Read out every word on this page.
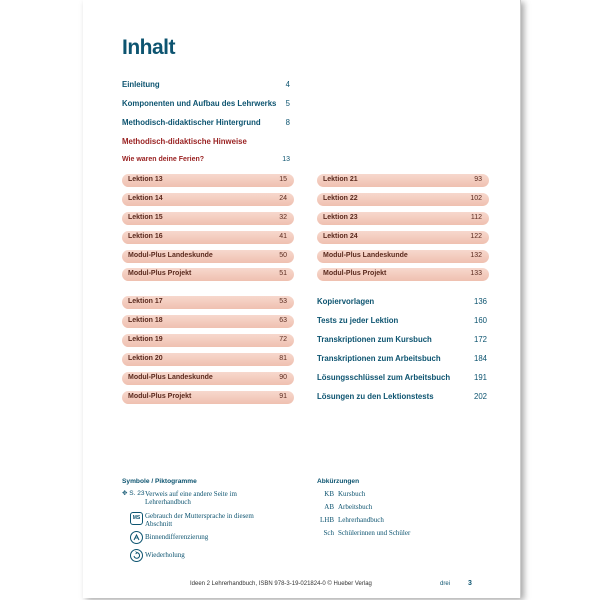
Inhalt
Einleitung	4
Komponenten und Aufbau des Lehrwerks	5
Methodisch-didaktischer Hintergrund	8
Methodisch-didaktische Hinweise
Wie waren deine Ferien?	13
Lektion 13	15
Lektion 14	24
Lektion 15	32
Lektion 16	41
Modul-Plus Landeskunde	50
Modul-Plus Projekt	51
Lektion 21	93
Lektion 22	102
Lektion 23	112
Lektion 24	122
Modul-Plus Landeskunde	132
Modul-Plus Projekt	133
Lektion 17	53
Lektion 18	63
Lektion 19	72
Lektion 20	81
Modul-Plus Landeskunde	90
Modul-Plus Projekt	91
Kopiervorlagen	136
Tests zu jeder Lektion	160
Transkriptionen zum Kursbuch	172
Transkriptionen zum Arbeitsbuch	184
Lösungsschlüssel zum Arbeitsbuch	191
Lösungen zu den Lektionstests	202
Symbole / Piktogramme
✥ S. 23 Verweis auf eine andere Seite im Lehrerhandbuch
MS Gebrauch der Muttersprache in diesem Abschnitt
Binnendifferenzierung
Wiederholung
Abkürzungen
KB Kursbuch
AB Arbeitsbuch
LHB Lehrerhandbuch
Sch Schülerinnen und Schüler
Ideen 2 Lehrerhandbuch, ISBN 978-3-19-021824-0 © Hueber Verlag	drei	3
